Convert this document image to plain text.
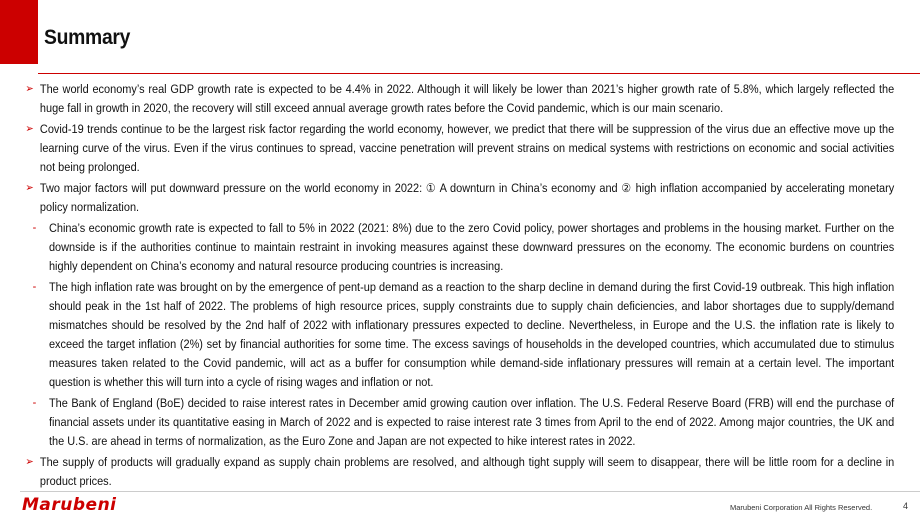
Summary
➢ The world economy’s real GDP growth rate is expected to be 4.4% in 2022. Although it will likely be lower than 2021’s higher growth rate of 5.8%, which largely reflected the huge fall in growth in 2020, the recovery will still exceed annual average growth rates before the Covid pandemic, which is our main scenario.
➢ Covid-19 trends continue to be the largest risk factor regarding the world economy, however, we predict that there will be suppression of the virus due an effective move up the learning curve of the virus. Even if the virus continues to spread, vaccine penetration will prevent strains on medical systems with restrictions on economic and social activities not being prolonged.
➢ Two major factors will put downward pressure on the world economy in 2022: ① A downturn in China’s economy and ② high inflation accompanied by accelerating monetary policy normalization.
- China’s economic growth rate is expected to fall to 5% in 2022 (2021: 8%) due to the zero Covid policy, power shortages and problems in the housing market. Further on the downside is if the authorities continue to maintain restraint in invoking measures against these downward pressures on the economy. The economic burdens on countries highly dependent on China’s economy and natural resource producing countries is increasing.
- The high inflation rate was brought on by the emergence of pent-up demand as a reaction to the sharp decline in demand during the first Covid-19 outbreak. This high inflation should peak in the 1st half of 2022. The problems of high resource prices, supply constraints due to supply chain deficiencies, and labor shortages due to supply/demand mismatches should be resolved by the 2nd half of 2022 with inflationary pressures expected to decline. Nevertheless, in Europe and the U.S. the inflation rate is likely to exceed the target inflation (2%) set by financial authorities for some time. The excess savings of households in the developed countries, which accumulated due to stimulus measures taken related to the Covid pandemic, will act as a buffer for consumption while demand-side inflationary pressures will remain at a certain level. The important question is whether this will turn into a cycle of rising wages and inflation or not.
- The Bank of England (BoE) decided to raise interest rates in December amid growing caution over inflation. The U.S. Federal Reserve Board (FRB) will end the purchase of financial assets under its quantitative easing in March of 2022 and is expected to raise interest rate 3 times from April to the end of 2022. Among major countries, the UK and the U.S. are ahead in terms of normalization, as the Euro Zone and Japan are not expected to hike interest rates in 2022.
➢ The supply of products will gradually expand as supply chain problems are resolved, and although tight supply will seem to disappear, there will be little room for a decline in product prices.
Marubeni	Marubeni Corporation All Rights Reserved.	4
